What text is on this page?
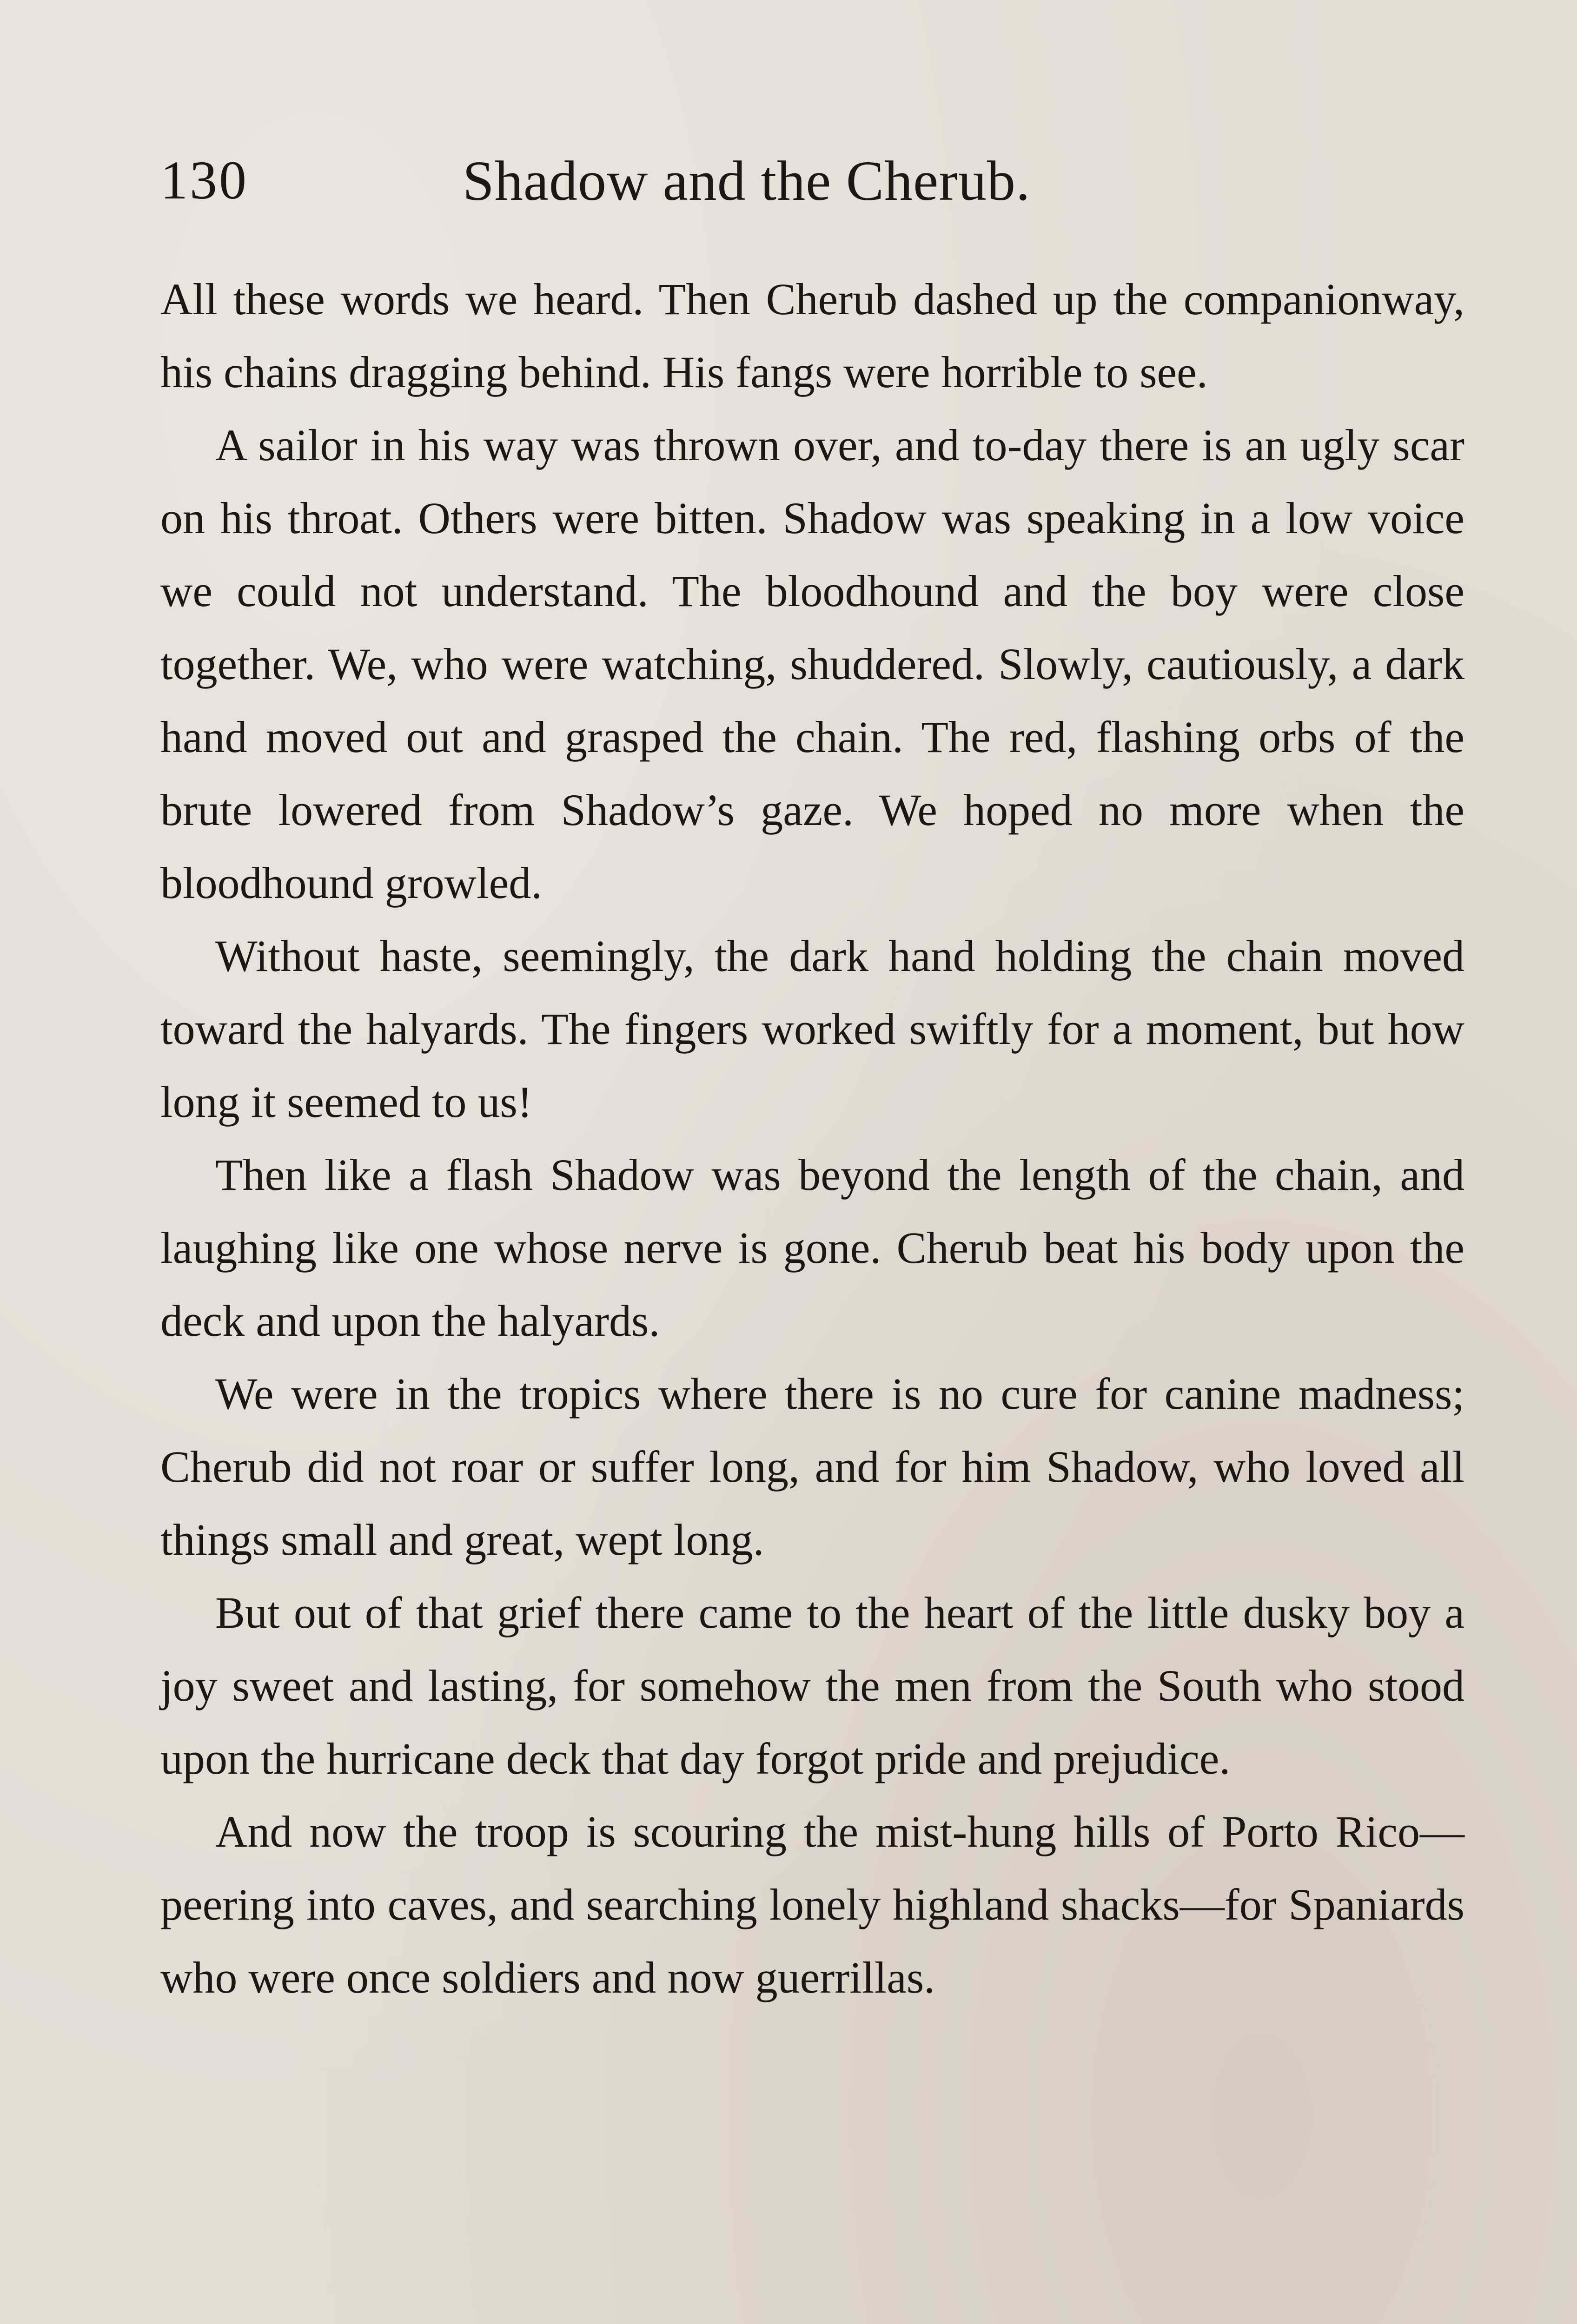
130	Shadow and the Cherub.

All these words we heard. Then Cherub dashed up the companionway, his chains dragging behind. His fangs were horrible to see.

A sailor in his way was thrown over, and to-day there is an ugly scar on his throat. Others were bitten. Shadow was speaking in a low voice we could not understand. The bloodhound and the boy were close together. We, who were watching, shuddered. Slowly, cautiously, a dark hand moved out and grasped the chain. The red, flashing orbs of the brute lowered from Shadow’s gaze. We hoped no more when the bloodhound growled.

Without haste, seemingly, the dark hand holding the chain moved toward the halyards. The fingers worked swiftly for a moment, but how long it seemed to us!

Then like a flash Shadow was beyond the length of the chain, and laughing like one whose nerve is gone. Cherub beat his body upon the deck and upon the halyards.

We were in the tropics where there is no cure for canine madness; Cherub did not roar or suffer long, and for him Shadow, who loved all things small and great, wept long.

But out of that grief there came to the heart of the little dusky boy a joy sweet and lasting, for somehow the men from the South who stood upon the hurricane deck that day forgot pride and prejudice.

And now the troop is scouring the mist-hung hills of Porto Rico—peering into caves, and searching lonely highland shacks—for Spaniards who were once soldiers and now guerrillas.
